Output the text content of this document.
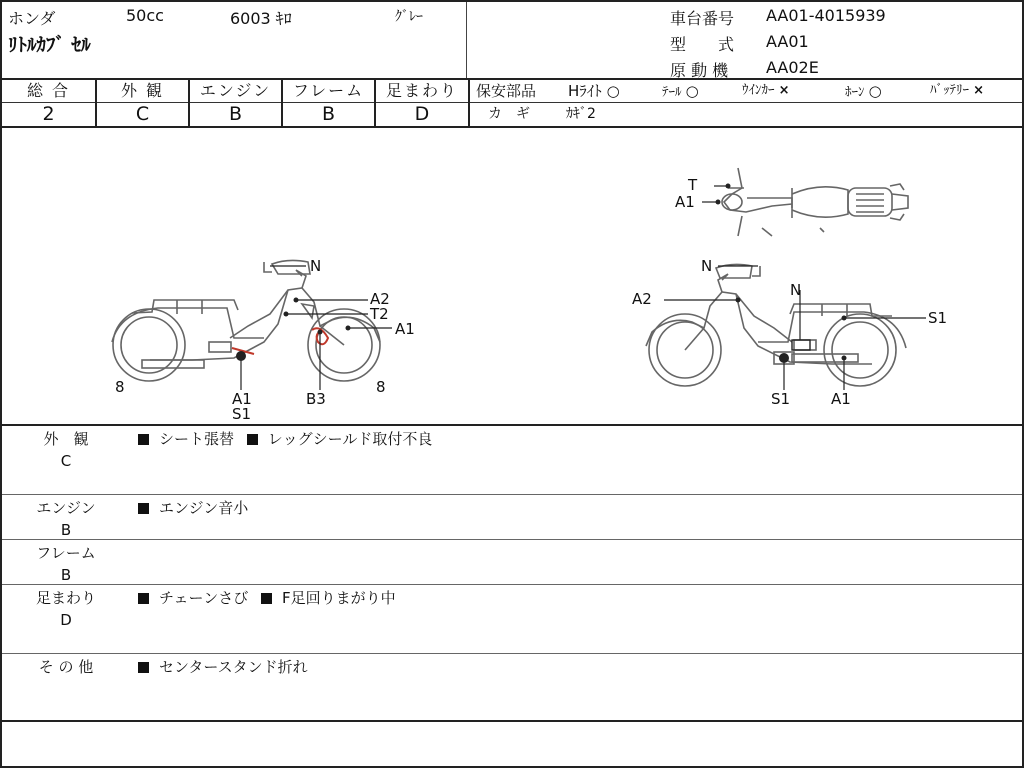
ホンダ	50cc	6003 ｷﾛ	ｸﾞﾚｰ
ﾘﾄﾙｶﾌﾞ ｾﾙ
車台番号 AA01-4015939
型　　式 AA01
原 動 機 AA02E
総 合
2
外 観
C
エンジン
B
フレーム
B
足まわり
D
保安部品 Hﾗｲﾄ ○	ﾃｰﾙ ○	ｳｲﾝｶｰ ×	ﾎｰﾝ ○	ﾊﾞｯﾃﾘｰ ×
カ　ギ	ｶｷﾞ2
N
A2
T2
A1
8
A1
S1
B3
8
N
A2	N
S1
S1	A1
T
A1
外　観
C
シート張替 レッグシールド取付不良
エンジン
B
エンジン音小
フレーム
B
足まわり
D
チェーンさび F足回りまがり中
そ の 他	センタースタンド折れ
